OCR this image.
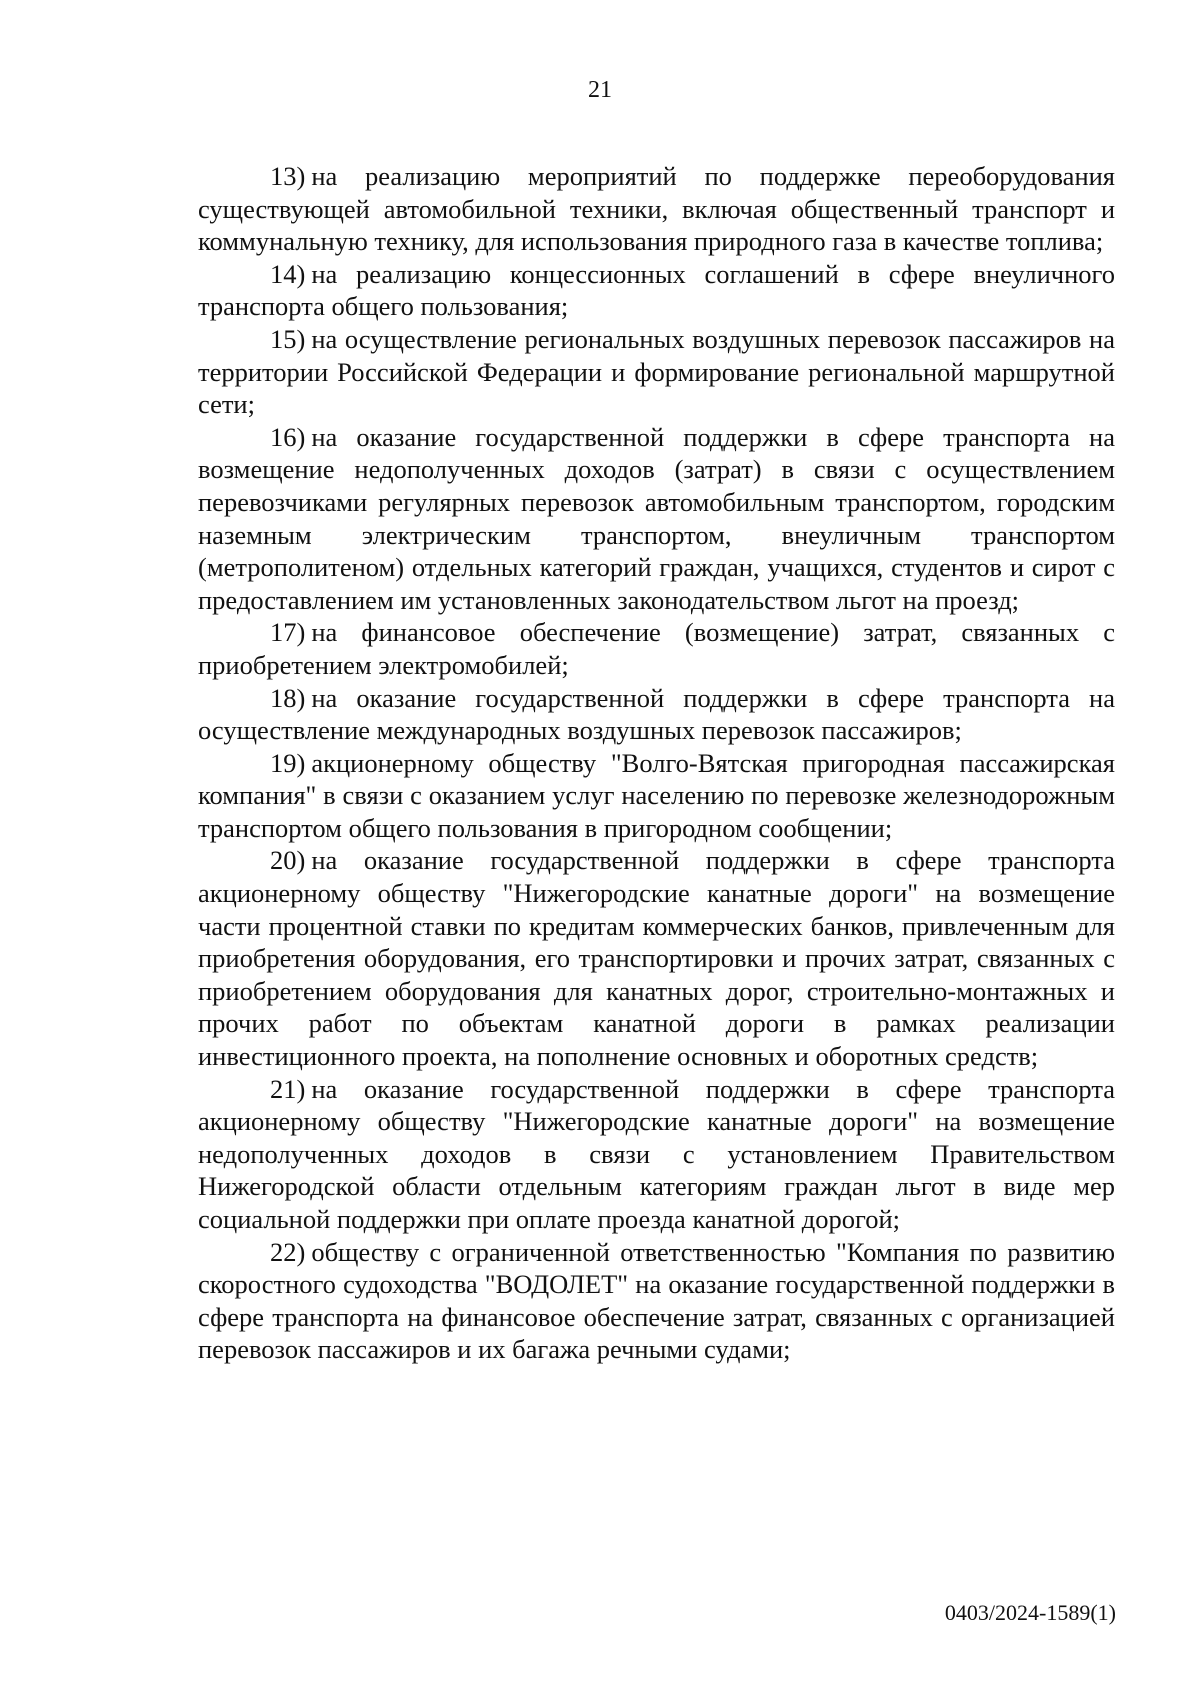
21

13) на реализацию мероприятий по поддержке переоборудования существующей автомобильной техники, включая общественный транспорт и коммунальную технику, для использования природного газа в качестве топлива;

14) на реализацию концессионных соглашений в сфере внеуличного транспорта общего пользования;

15) на осуществление региональных воздушных перевозок пассажиров на территории Российской Федерации и формирование региональной маршрутной сети;

16) на оказание государственной поддержки в сфере транспорта на возмещение недополученных доходов (затрат) в связи с осуществлением перевозчиками регулярных перевозок автомобильным транспортом, городским наземным электрическим транспортом, внеуличным транспортом (метрополитеном) отдельных категорий граждан, учащихся, студентов и сирот с предоставлением им установленных законодательством льгот на проезд;

17) на финансовое обеспечение (возмещение) затрат, связанных с приобретением электромобилей;

18) на оказание государственной поддержки в сфере транспорта на осуществление международных воздушных перевозок пассажиров;

19) акционерному обществу "Волго-Вятская пригородная пассажирская компания" в связи с оказанием услуг населению по перевозке железнодорожным транспортом общего пользования в пригородном сообщении;

20) на оказание государственной поддержки в сфере транспорта акционерному обществу "Нижегородские канатные дороги" на возмещение части процентной ставки по кредитам коммерческих банков, привлеченным для приобретения оборудования, его транспортировки и прочих затрат, связанных с приобретением оборудования для канатных дорог, строительно-монтажных и прочих работ по объектам канатной дороги в рамках реализации инвестиционного проекта, на пополнение основных и оборотных средств;

21) на оказание государственной поддержки в сфере транспорта акционерному обществу "Нижегородские канатные дороги" на возмещение недополученных доходов в связи с установлением Правительством Нижегородской области отдельным категориям граждан льгот в виде мер социальной поддержки при оплате проезда канатной дорогой;

22) обществу с ограниченной ответственностью "Компания по развитию скоростного судоходства "ВОДОЛЕТ" на оказание государственной поддержки в сфере транспорта на финансовое обеспечение затрат, связанных с организацией перевозок пассажиров и их багажа речными судами;

0403/2024-1589(1)
